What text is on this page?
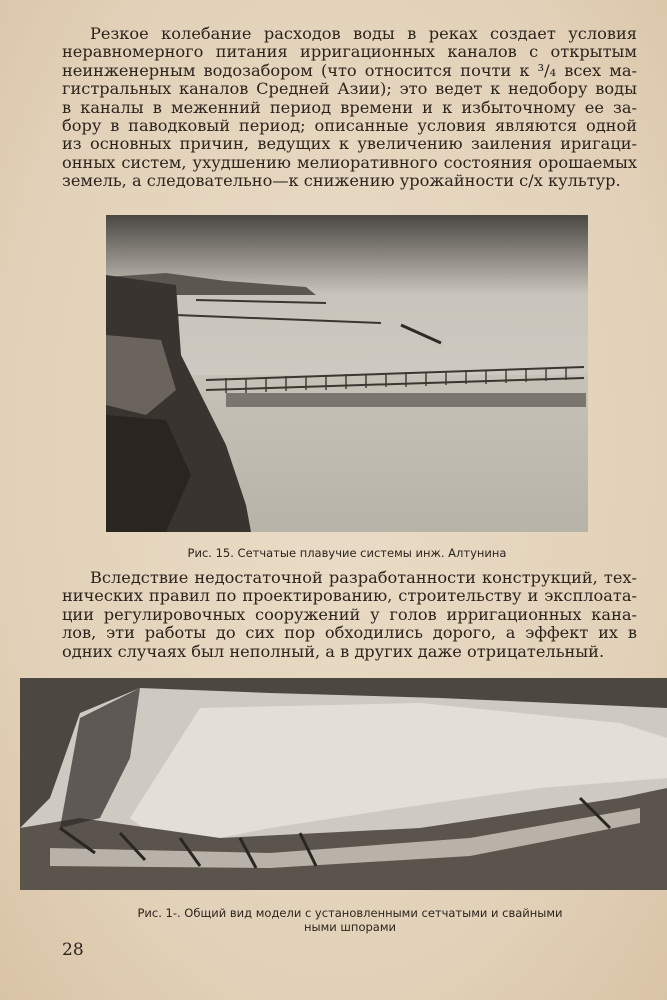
Резкое колебание расходов воды в реках создает условия
неравномерного питания ирригационных каналов с открытым
неинженерным водозабором (что относится почти к ³/₄ всех ма-
гистральных каналов Средней Азии); это ведет к недобору воды
в каналы в меженний период времени и к избыточному ее за-
бору в паводковый период; описанные условия являются одной
из основных причин, ведущих к увеличению заиления иригаци-
онных систем, ухудшению мелиоративного состояния орошаемых
земель, а следовательно—к снижению урожайности с/х культур.

Рис. 15. Сетчатые плавучие системы инж. Алтунина

Вследствие недостаточной разработанности конструкций, тех-
нических правил по проектированию, строительству и эксплоата-
ции регулировочных сооружений у голов ирригационных кана-
лов, эти работы до сих пор обходились дорого, а эффект их в
одних случаях был неполный, а в других даже отрицательный.

Рис. 1-. Общий вид модели с установленными сетчатыми и свайными
ными шпорами

28
